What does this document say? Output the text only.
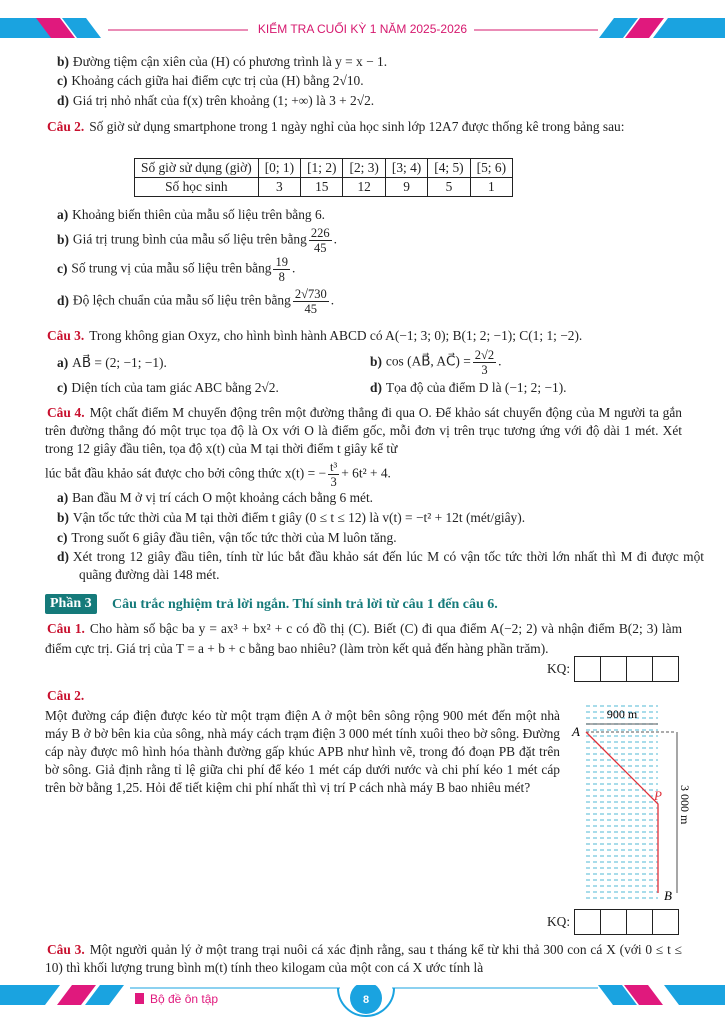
KIỂM TRA CUỐI KỲ 1 NĂM 2025-2026
b) Đường tiệm cận xiên của (H) có phương trình là y = x − 1.
c) Khoảng cách giữa hai điểm cực trị của (H) bằng 2√10.
d) Giá trị nhỏ nhất của f(x) trên khoảng (1; +∞) là 3 + 2√2.
Câu 2. Số giờ sử dụng smartphone trong 1 ngày nghỉ của học sinh lớp 12A7 được thống kê trong bảng sau:
Số giờ sử dụng (giờ)	[0; 1)	[1; 2)	[2; 3)	[3; 4)	[4; 5)	[5; 6)
Số học sinh	3	15	12	9	5	1
a) Khoảng biến thiên của mẫu số liệu trên bằng 6.
b) Giá trị trung bình của mẫu số liệu trên bằng $\frac{226}{45}$ .
c) Số trung vị của mẫu số liệu trên bằng $\frac{19}{8}$ .
d) Độ lệch chuẩn của mẫu số liệu trên bằng $\frac{2√730}{45}$ .
Câu 3. Trong không gian Oxyz, cho hình bình hành ABCD có A(−1; 3; 0); B(1; 2; −1); C(1; 1; −2).
a) AB⃗ = (2; −1; −1).	b) cos (AB⃗, AC⃗) = $\frac{2√2}{3}$ .
c) Diện tích của tam giác ABC bằng 2√2.	d) Tọa độ của điểm D là (−1; 2; −1).
Câu 4. Một chất điểm M chuyển động trên một đường thẳng đi qua O. Để khảo sát chuyển động của M người ta gắn trên đường thẳng đó một trục tọa độ là Ox với O là điểm gốc, mỗi đơn vị trên trục tương ứng với độ dài 1 mét. Xét trong 12 giây đầu tiên, tọa độ x(t) của M tại thời điểm t giây kể từ
lúc bắt đầu khảo sát được cho bởi công thức x(t) = − $\frac{\text{t³}}{3} + 6t^2 + 4$.
a) Ban đầu M ở vị trí cách O một khoảng cách bằng 6 mét.
b) Vận tốc tức thời của M tại thời điểm t giây (0 ≤ t ≤ 12) là v(t) = −t² + 12t (mét/giây).
c) Trong suốt 6 giây đầu tiên, vận tốc tức thời của M luôn tăng.
d) Xét trong 12 giây đầu tiên, tính từ lúc bắt đầu khảo sát đến lúc M có vận tốc tức thời lớn nhất thì M đi được một quãng đường dài 148 mét.
Phần 3	Câu trắc nghiệm trả lời ngắn. Thí sinh trả lời từ câu 1 đến câu 6.
Câu 1. Cho hàm số bậc ba y = ax³ + bx² + c có đồ thị (C). Biết (C) đi qua điểm A(−2; 2) và nhận điểm B(2; 3) làm điểm cực trị. Giá trị của T = a + b + c bằng bao nhiêu? (làm tròn kết quả đến hàng phần trăm).
KQ:
Câu 2.
Một đường cáp điện được kéo từ một trạm điện A ở một bên sông rộng 900 mét đến một nhà máy B ở bờ bên kia của sông, nhà máy cách trạm điện 3 000 mét tính xuôi theo bờ sông. Đường cáp này được mô hình hóa thành đường gấp khúc APB như hình vẽ, trong đó đoạn PB đặt trên bờ sông. Giả định rằng tỉ lệ giữa chi phí để kéo 1 mét cáp dưới nước và chi phí kéo 1 mét cáp trên bờ bằng 1,25. Hỏi để tiết kiệm chi phí nhất thì vị trí P cách nhà máy B bao nhiêu mét?
900 m
3 000 m
A
P
B
KQ:
Câu 3. Một người quản lý ở một trang trại nuôi cá xác định rằng, sau t tháng kể từ khi thả 300 con cá X (với 0 ≤ t ≤ 10) thì khối lượng trung bình m(t) tính theo kilogam của một con cá X ước tính là
Bộ đề ôn tập	8
